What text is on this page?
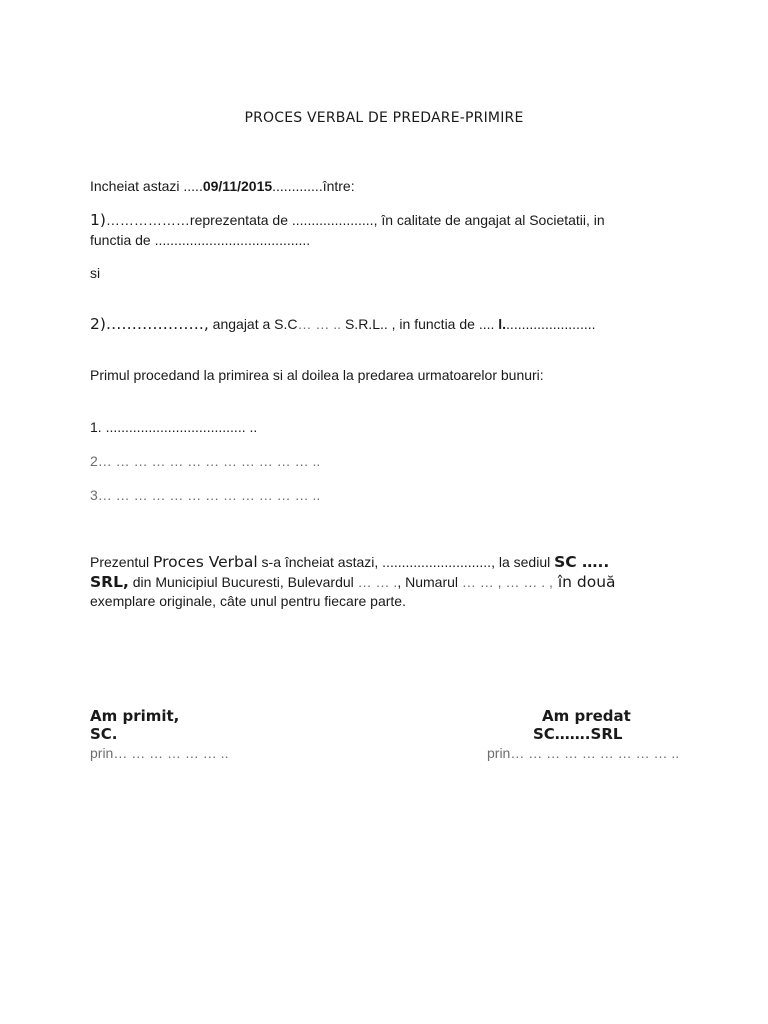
PROCES VERBAL DE PREDARE-PRIMIRE
Incheiat astazi .....09/11/2015.............între:
1)………………reprezentata de ....................., în calitate de angajat al Societatii, in
functia de ........................................
si
2)………………., angajat a S.C… … .. S.R.L.. , in functia de .... l........................
Primul procedand la primirea si al doilea la predarea urmatoarelor bunuri:
1. .................................... ..
2… … … … … … … … … … … … ..
3… … … … … … … … … … … … ..
Prezentul Proces Verbal s-a încheiat astazi, ............................, la sediul SC …..
SRL, din Municipiul Bucuresti, Bulevardul … … ., Numarul … … , … … . , în două
exemplare originale, câte unul pentru fiecare parte.
Am primit,
SC.
prin… … … … … … ..
Am predat
SC…….SRL
prin… … … … … … … … … ..
